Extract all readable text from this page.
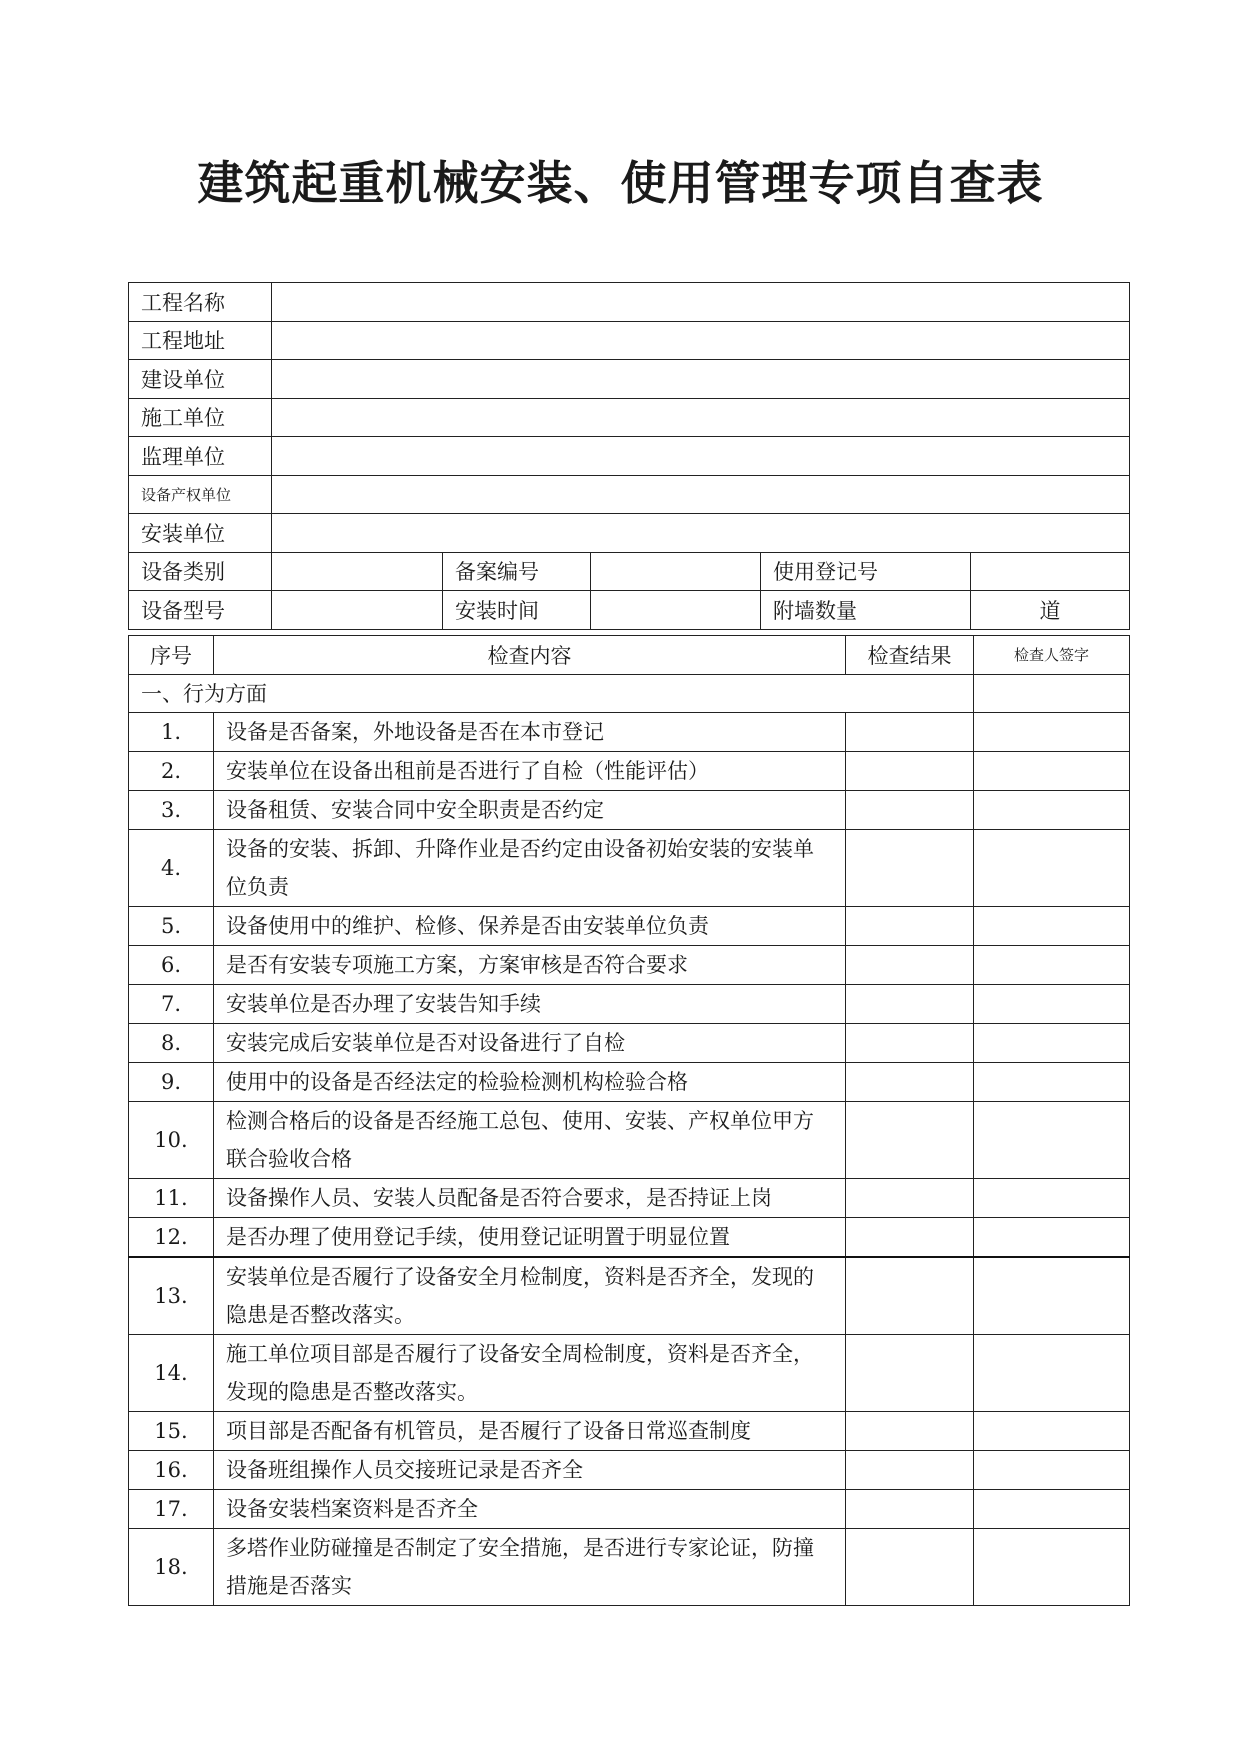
建筑起重机械安装、使用管理专项自查表
工程名称					
工程地址					
建设单位					
施工单位					
监理单位					
设备产权单位					
安装单位					
设备类别		备案编号		使用登记号	
设备型号		安装时间		附墙数量	道
序号	检查内容	检查结果	检查人签字
一、行为方面			
1.	设备是否备案，外地设备是否在本市登记		
2.	安装单位在设备出租前是否进行了自检（性能评估）		
3.	设备租赁、安装合同中安全职责是否约定		
4.	设备的安装、拆卸、升降作业是否约定由设备初始安装的安装单位负责		
5.	设备使用中的维护、检修、保养是否由安装单位负责		
6.	是否有安装专项施工方案，方案审核是否符合要求		
7.	安装单位是否办理了安装告知手续		
8.	安装完成后安装单位是否对设备进行了自检		
9.	使用中的设备是否经法定的检验检测机构检验合格		
10.	检测合格后的设备是否经施工总包、使用、安装、产权单位甲方联合验收合格		
11.	设备操作人员、安装人员配备是否符合要求，是否持证上岗		
12.	是否办理了使用登记手续，使用登记证明置于明显位置		
13.	安装单位是否履行了设备安全月检制度，资料是否齐全，发现的隐患是否整改落实。		
14.	施工单位项目部是否履行了设备安全周检制度，资料是否齐全，发现的隐患是否整改落实。		
15.	项目部是否配备有机管员，是否履行了设备日常巡查制度		
16.	设备班组操作人员交接班记录是否齐全		
17.	设备安装档案资料是否齐全		
18.	多塔作业防碰撞是否制定了安全措施，是否进行专家论证，防撞措施是否落实		
